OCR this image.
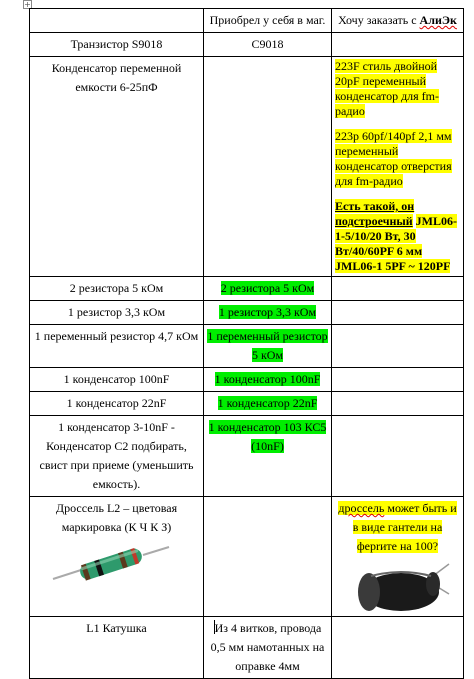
+
	Приобрел у себя в маг.	Хочу заказать с АлиЭк
Транзистор S9018	С9018	
Конденсатор переменной емкости 6-25пФ		223F стиль двойной 20pF переменный конденсатор для fm-радио

223p 60pf/140pf 2,1 мм переменный конденсатор отверстия для fm-радио

Есть такой, он подстроечный JML06-1-5/10/20 Вт, 30 Вт/40/60PF 6 мм JML06-1 5PF ~ 120PF

2 резистора 5 кОм	2 резистора 5 кОм	
1 резистор 3,3 кОм	1 резистор 3,3 кОм	
1 переменный резистор 4,7 кОм	1 переменный резистор 5 кОм	
1 конденсатор 100nF	1 конденсатор 100nF	
1 конденсатор 22nF	1 конденсатор 22nF	
1 конденсатор 3-10nF - Конденсатор С2 подбирать, свист при приеме (уменьшить емкость).	1 конденсатор 103 КС5 (10nF)	
Дроссель L2 – цветовая маркировка (К Ч К З)		дроссель может быть и в виде гантели на ферrите на 100?

L1 Катушка	Из 4 витков, провода 0,5 мм намотанных на оправке 4мм	
